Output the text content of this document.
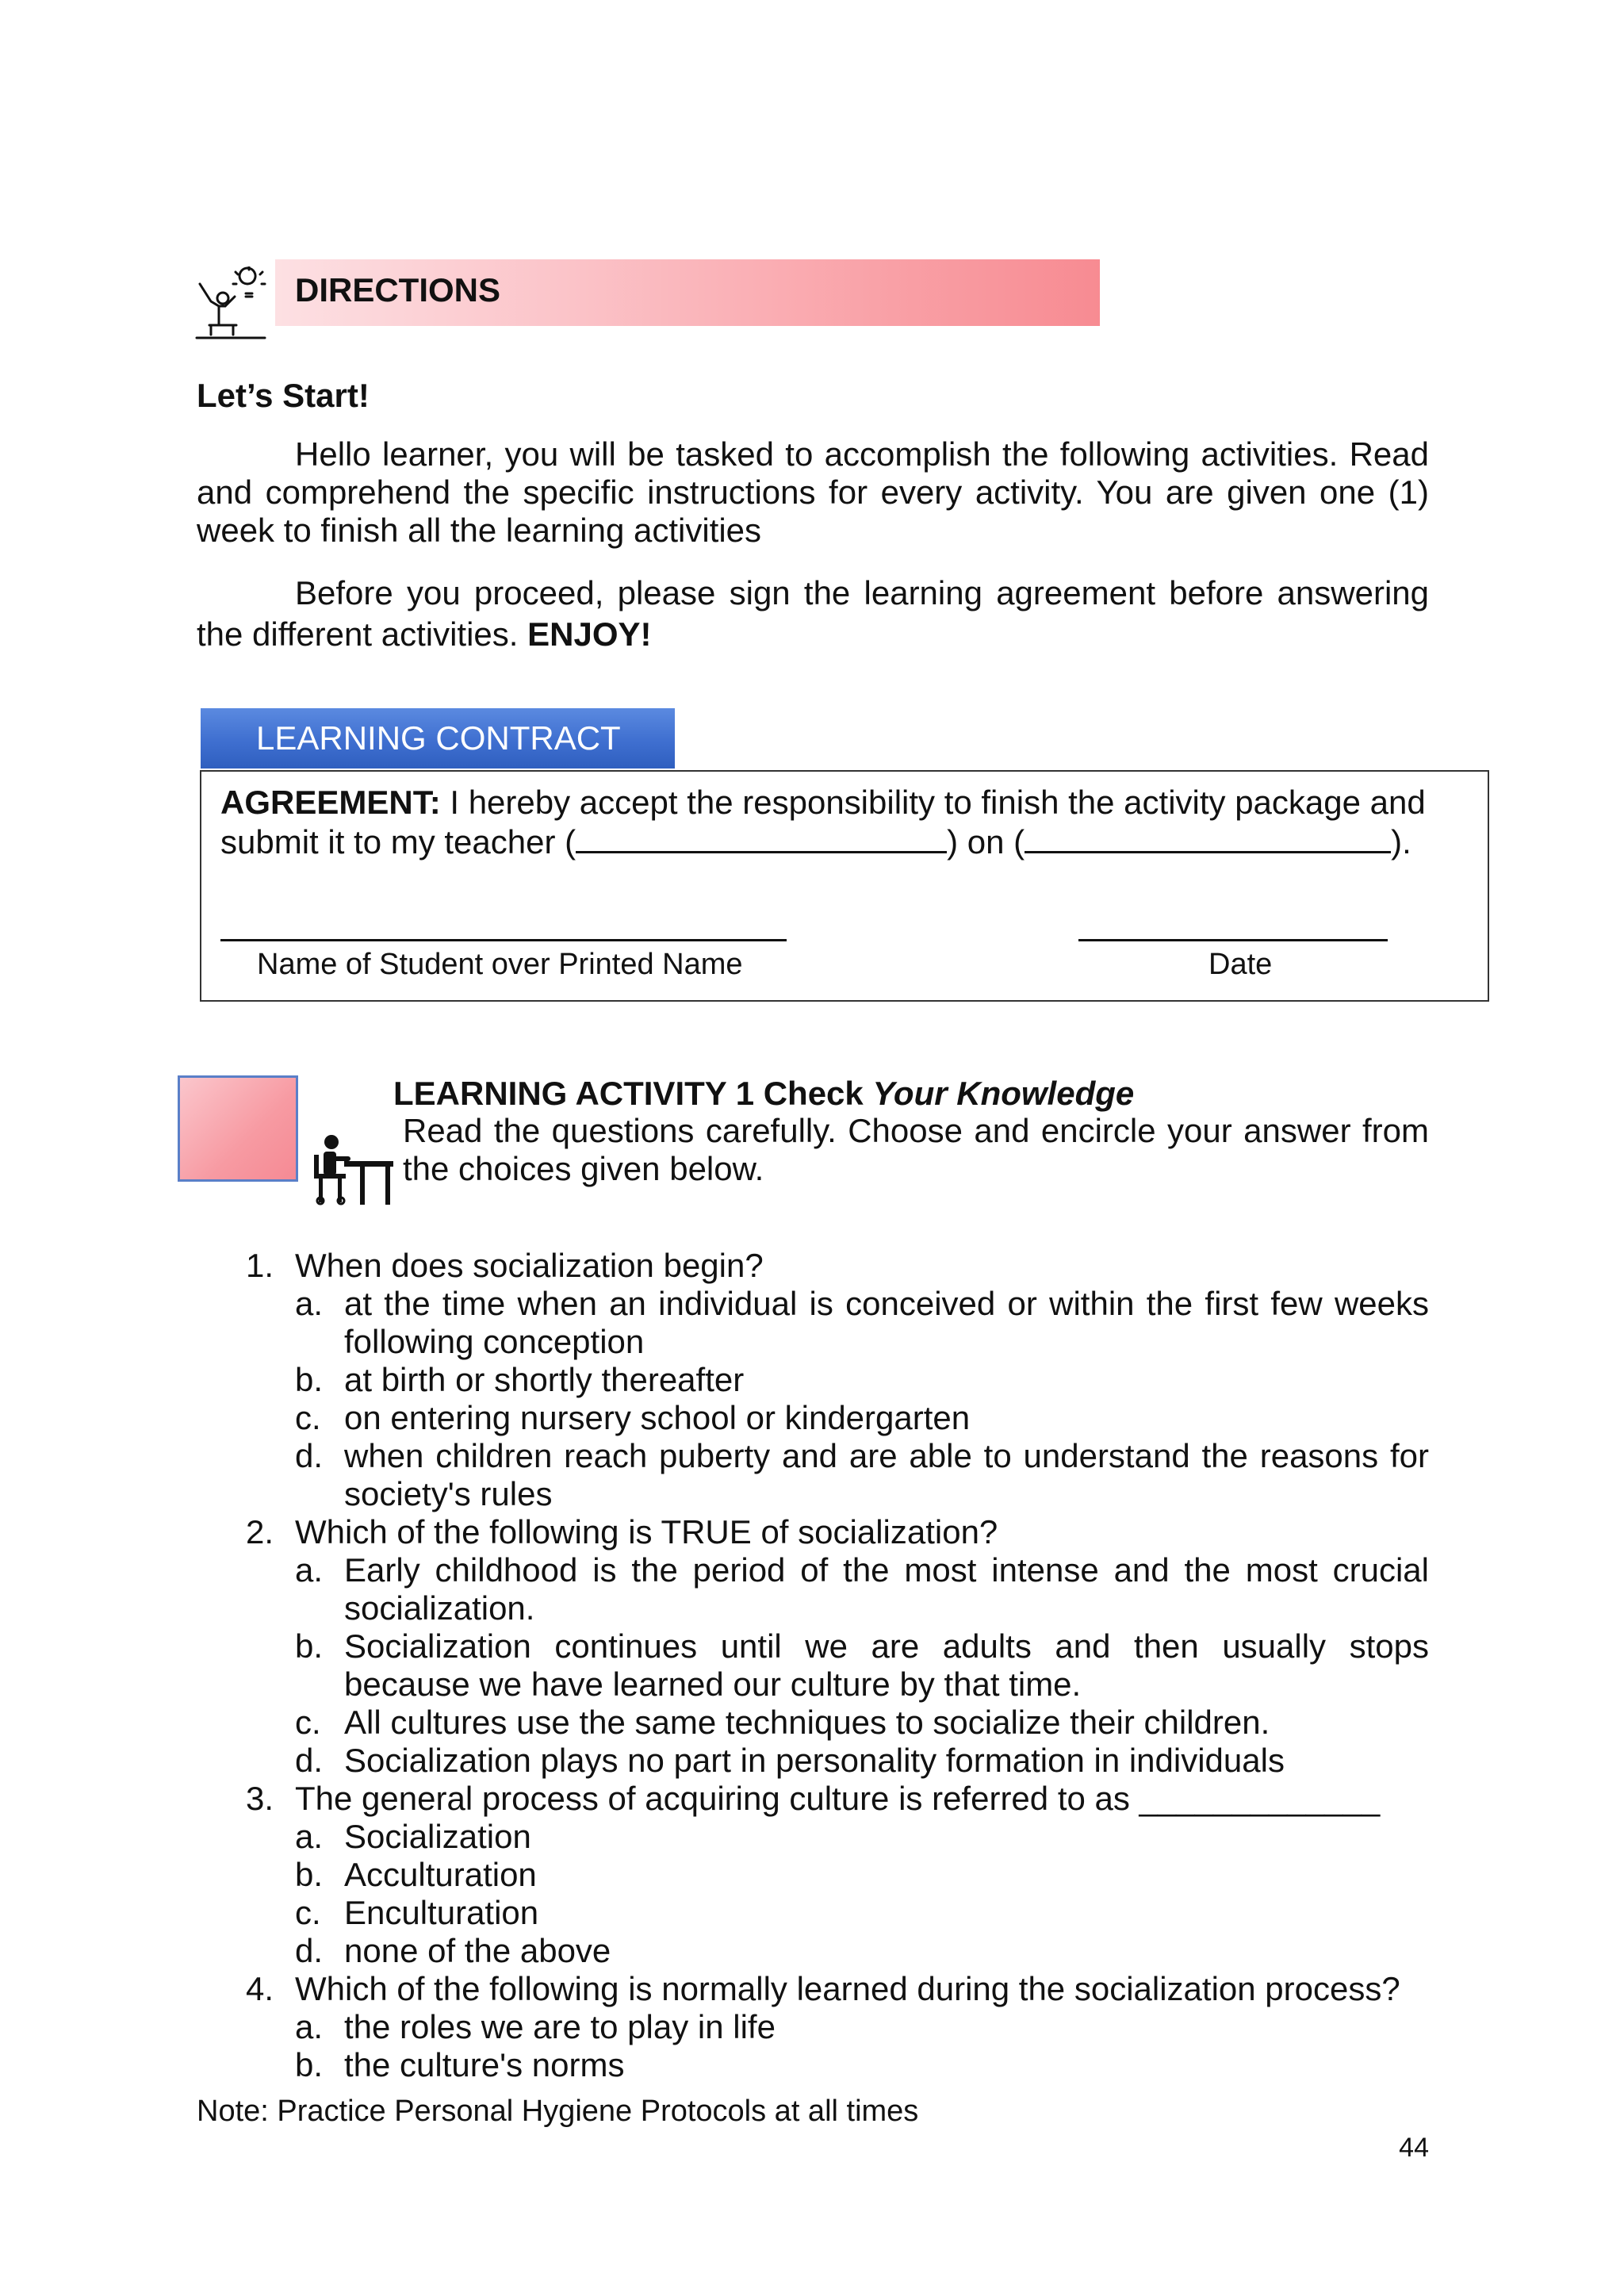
DIRECTIONS
Let’s Start!
Hello learner, you will be tasked to accomplish the following activities. Read and comprehend the specific instructions for every activity. You are given one (1) week to finish all the learning activities
Before you proceed, please sign the learning agreement before answering the different activities. ENJOY!
LEARNING CONTRACT
AGREEMENT: I hereby accept the responsibility to finish the activity package and submit it to my teacher (	) on (	).
Name of Student over Printed Name	Date
LEARNING ACTIVITY 1 Check Your Knowledge
Read the questions carefully. Choose and encircle your answer from the choices given below.
1. When does socialization begin?
a. at the time when an individual is conceived or within the first few weeks following conception
b. at birth or shortly thereafter
c. on entering nursery school or kindergarten
d. when children reach puberty and are able to understand the reasons for society's rules
2. Which of the following is TRUE of socialization?
a. Early childhood is the period of the most intense and the most crucial socialization.
b. Socialization continues until we are adults and then usually stops because we have learned our culture by that time.
c. All cultures use the same techniques to socialize their children.
d. Socialization plays no part in personality formation in individuals
3. The general process of acquiring culture is referred to as _____________
a. Socialization
b. Acculturation
c. Enculturation
d. none of the above
4. Which of the following is normally learned during the socialization process?
a. the roles we are to play in life
b. the culture's norms
Note: Practice Personal Hygiene Protocols at all times
44
